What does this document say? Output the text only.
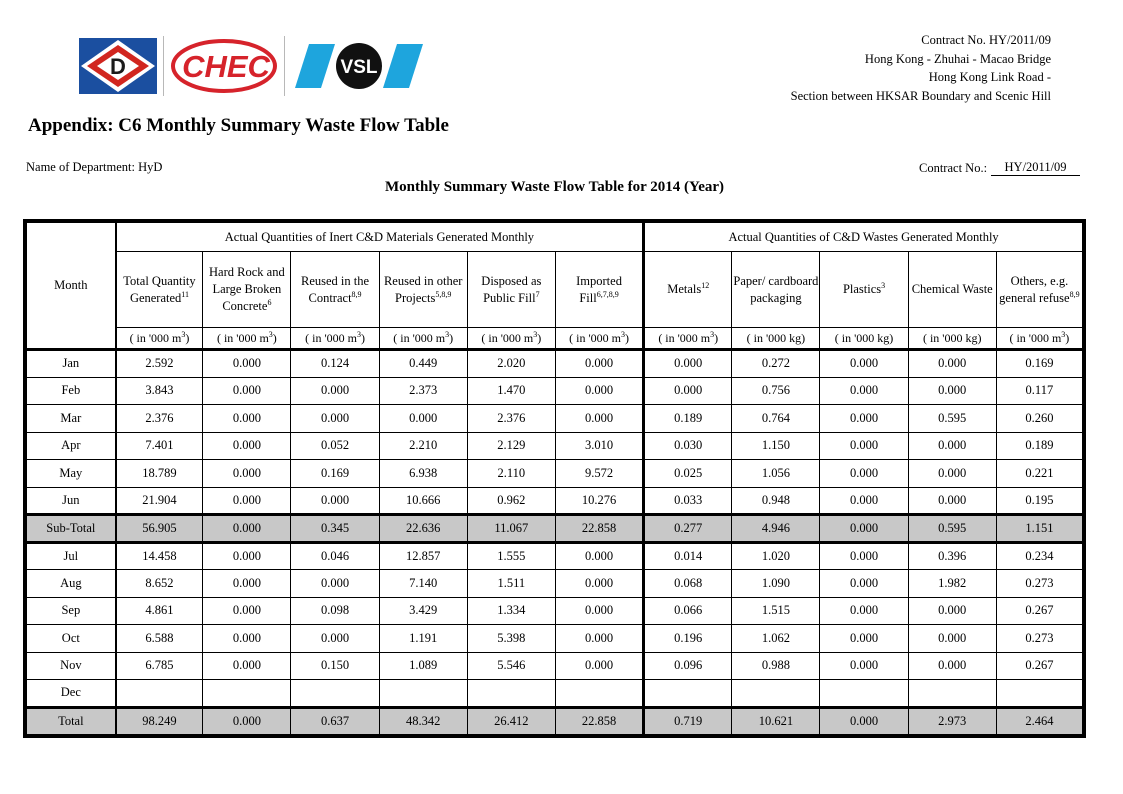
D CHEC	VSL
Contract No. HY/2011/09
Hong Kong - Zhuhai - Macao Bridge
Hong Kong Link Road -
Section between HKSAR Boundary and Scenic Hill
Appendix: C6 Monthly Summary Waste Flow Table
Name of Department: HyD	Contract No.:	HY/2011/09
Monthly Summary Waste Flow Table for 2014 (Year)
Month	Actual Quantities of Inert C&D Materials Generated Monthly						Actual Quantities of C&D Wastes Generated Monthly				
	Total Quantity Generated$^{11}$	Hard Rock and Large Broken Concrete$^6$	Reused in the Contract$^{8,9}$	Reused in other Projects$^{5,8,9}$	Disposed as Public Fill$^7$	Imported Fill$^{6,7,8,9}$	Metals$^{12}$	Paper/ cardboard packaging	Plastics$^3$	Chemical Waste	Others, e.g. general refuse$^{8,9}$
	( in '000 $m^3$)	( in '000 $m^3$)	( in '000 $m^3$)	( in '000 $m^3$)	( in '000 $m^3$)	( in '000 $m^3$)	( in '000 $m^3$)	( in '000 kg)	( in '000 kg)	( in '000 kg)	( in '000 $m^3$)
Jan	2.592	0.000	0.124	0.449	2.020	0.000	0.000	0.272	0.000	0.000	0.169
Feb	3.843	0.000	0.000	2.373	1.470	0.000	0.000	0.756	0.000	0.000	0.117
Mar	2.376	0.000	0.000	0.000	2.376	0.000	0.189	0.764	0.000	0.595	0.260
Apr	7.401	0.000	0.052	2.210	2.129	3.010	0.030	1.150	0.000	0.000	0.189
May	18.789	0.000	0.169	6.938	2.110	9.572	0.025	1.056	0.000	0.000	0.221
Jun	21.904	0.000	0.000	10.666	0.962	10.276	0.033	0.948	0.000	0.000	0.195
Sub-Total	56.905	0.000	0.345	22.636	11.067	22.858	0.277	4.946	0.000	0.595	1.151
Jul	14.458	0.000	0.046	12.857	1.555	0.000	0.014	1.020	0.000	0.396	0.234
Aug	8.652	0.000	0.000	7.140	1.511	0.000	0.068	1.090	0.000	1.982	0.273
Sep	4.861	0.000	0.098	3.429	1.334	0.000	0.066	1.515	0.000	0.000	0.267
Oct	6.588	0.000	0.000	1.191	5.398	0.000	0.196	1.062	0.000	0.000	0.273
Nov	6.785	0.000	0.150	1.089	5.546	0.000	0.096	0.988	0.000	0.000	0.267
Dec											
Total	98.249	0.000	0.637	48.342	26.412	22.858	0.719	10.621	0.000	2.973	2.464
